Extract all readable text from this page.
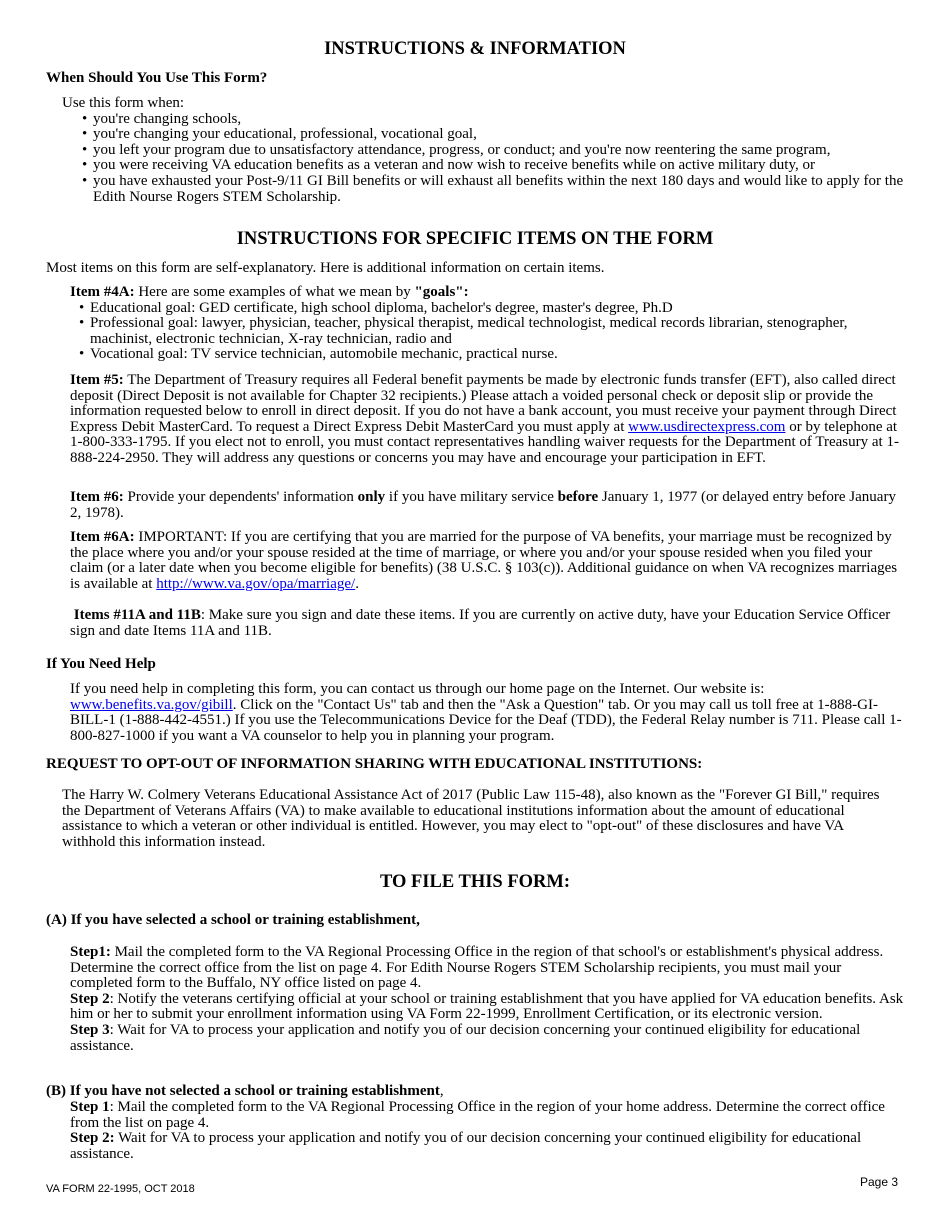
INSTRUCTIONS & INFORMATION
When Should You Use This Form?

Use this form when:

• you're changing schools,
• you're changing your educational, professional, vocational goal,
• you left your program due to unsatisfactory attendance, progress, or conduct; and you're now reentering the same program,
• you were receiving VA education benefits as a veteran and now wish to receive benefits while on active military duty, or
• you have exhausted your Post-9/11 GI Bill benefits or will exhaust all benefits within the next 180 days and would like to apply for the Edith Nourse Rogers STEM Scholarship.
INSTRUCTIONS FOR SPECIFIC ITEMS ON THE FORM

Most items on this form are self-explanatory. Here is additional information on certain items.

Item #4A: Here are some examples of what we mean by "goals":

• Educational goal: GED certificate, high school diploma, bachelor's degree, master's degree, Ph.D
• Professional goal: lawyer, physician, teacher, physical therapist, medical technologist, medical records librarian, stenographer, machinist, electronic technician, X-ray technician, radio and
• Vocational goal: TV service technician, automobile mechanic, practical nurse.

Item #5: The Department of Treasury requires all Federal benefit payments be made by electronic funds transfer (EFT), also called direct deposit (Direct Deposit is not available for Chapter 32 recipients.) Please attach a voided personal check or deposit slip or provide the information requested below to enroll in direct deposit. If you do not have a bank account, you must receive your payment through Direct Express Debit MasterCard. To request a Direct Express Debit MasterCard you must apply at www.usdirectexpress.com or by telephone at 1-800-333-1795. If you elect not to enroll, you must contact representatives handling waiver requests for the Department of Treasury at 1-888-224-2950. They will address any questions or concerns you may have and encourage your participation in EFT.

Item #6: Provide your dependents' information only if you have military service before January 1, 1977 (or delayed entry before January 2, 1978).

Item #6A: IMPORTANT: If you are certifying that you are married for the purpose of VA benefits, your marriage must be recognized by the place where you and/or your spouse resided at the time of marriage, or where you and/or your spouse resided when you filed your claim (or a later date when you become eligible for benefits) (38 U.S.C. § 103(c)). Additional guidance on when VA recognizes marriages is available at http://www.va.gov/opa/marriage/.

Items #11A and 11B: Make sure you sign and date these items. If you are currently on active duty, have your Education Service Officer sign and date Items 11A and 11B.

If You Need Help

If you need help in completing this form, you can contact us through our home page on the Internet. Our website is: www.benefits.va.gov/gibill. Click on the "Contact Us" tab and then the "Ask a Question" tab. Or you may call us toll free at 1-888-GI-BILL-1 (1-888-442-4551.) If you use the Telecommunications Device for the Deaf (TDD), the Federal Relay number is 711. Please call 1-800-827-1000 if you want a VA counselor to help you in planning your program.

REQUEST TO OPT-OUT OF INFORMATION SHARING WITH EDUCATIONAL INSTITUTIONS:

The Harry W. Colmery Veterans Educational Assistance Act of 2017 (Public Law 115-48), also known as the "Forever GI Bill," requires the Department of Veterans Affairs (VA) to make available to educational institutions information about the amount of educational assistance to which a veteran or other individual is entitled. However, you may elect to "opt-out" of these disclosures and have VA withhold this information instead.

TO FILE THIS FORM:
(A) If you have selected a school or training establishment,

Step1: Mail the completed form to the VA Regional Processing Office in the region of that school's or establishment's physical address. Determine the correct office from the list on page 4. For Edith Nourse Rogers STEM Scholarship recipients, you must mail your completed form to the Buffalo, NY office listed on page 4.

Step 2: Notify the veterans certifying official at your school or training establishment that you have applied for VA education benefits. Ask him or her to submit your enrollment information using VA Form 22-1999, Enrollment Certification, or its electronic version.

Step 3: Wait for VA to process your application and notify you of our decision concerning your continued eligibility for educational assistance.

(B) If you have not selected a school or training establishment,

Step 1: Mail the completed form to the VA Regional Processing Office in the region of your home address. Determine the correct office from the list on page 4.

Step 2: Wait for VA to process your application and notify you of our decision concerning your continued eligibility for educational assistance.

VA FORM 22-1995, OCT 2018	Page 3
